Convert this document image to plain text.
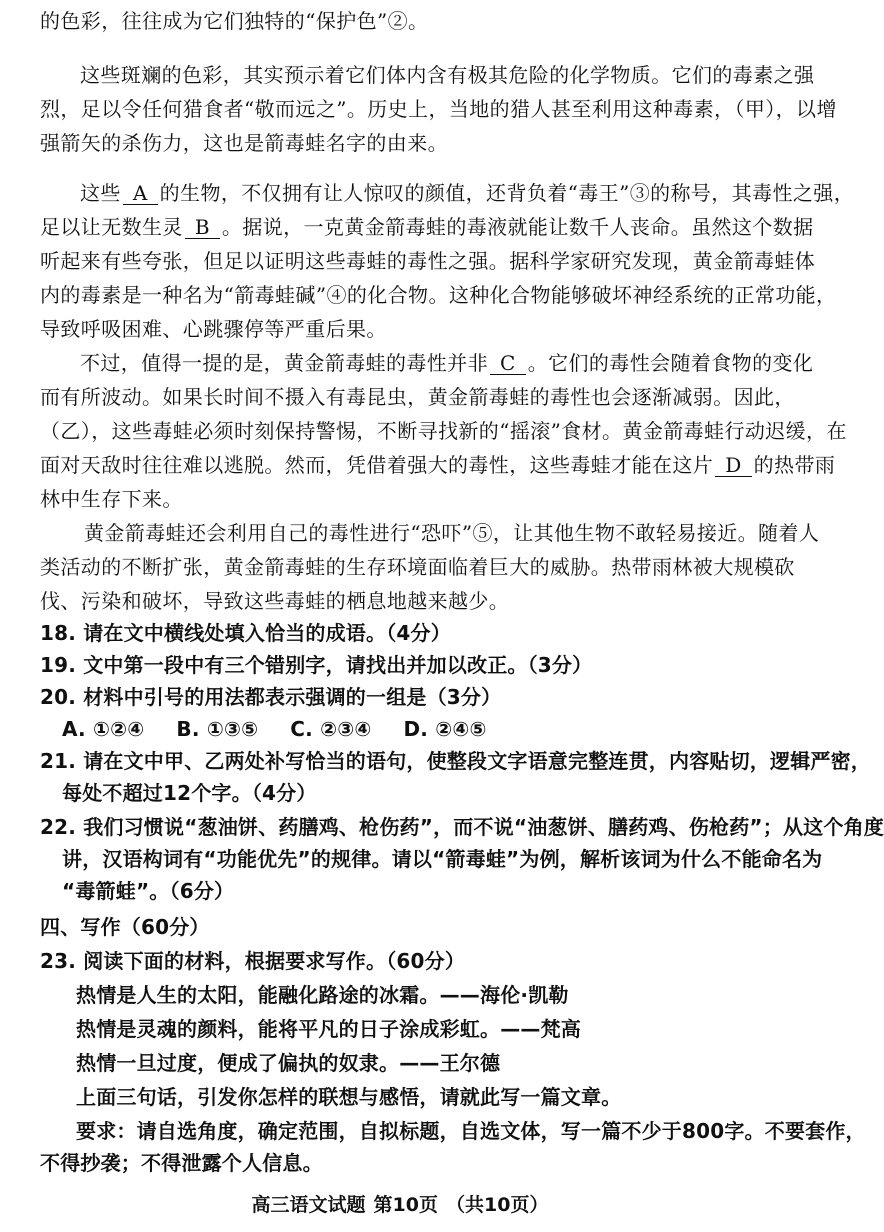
的色彩，往往成为它们独特的“保护色”②。
这些斑斓的色彩，其实预示着它们体内含有极其危险的化学物质。它们的毒素之强
烈，足以令任何猎食者“敬而远之”。历史上，当地的猎人甚至利用这种毒素，（甲），以增
强箭矢的杀伤力，这也是箭毒蛙名字的由来。
这些 A 的生物，不仅拥有让人惊叹的颜值，还背负着“毒王”③的称号，其毒性之强，
足以让无数生灵 B 。据说，一克黄金箭毒蛙的毒液就能让数千人丧命。虽然这个数据
听起来有些夸张，但足以证明这些毒蛙的毒性之强。据科学家研究发现，黄金箭毒蛙体
内的毒素是一种名为“箭毒蛙碱”④的化合物。这种化合物能够破坏神经系统的正常功能，
导致呼吸困难、心跳骤停等严重后果。
不过，值得一提的是，黄金箭毒蛙的毒性并非 C 。它们的毒性会随着食物的变化
而有所波动。如果长时间不摄入有毒昆虫，黄金箭毒蛙的毒性也会逐渐减弱。因此，
（乙），这些毒蛙必须时刻保持警惕，不断寻找新的“摇滚”食材。黄金箭毒蛙行动迟缓，在
面对天敌时往往难以逃脱。然而，凭借着强大的毒性，这些毒蛙才能在这片 D 的热带雨
林中生存下来。
黄金箭毒蛙还会利用自己的毒性进行“恐吓”⑤，让其他生物不敢轻易接近。随着人
类活动的不断扩张，黄金箭毒蛙的生存环境面临着巨大的威胁。热带雨林被大规模砍
伐、污染和破坏，导致这些毒蛙的栖息地越来越少。
18. 请在文中横线处填入恰当的成语。（4分）
19. 文中第一段中有三个错别字，请找出并加以改正。（3分）
20. 材料中引号的用法都表示强调的一组是（3分）
A. ①②④ B. ①③⑤ C. ②③④ D. ②④⑤
21. 请在文中甲、乙两处补写恰当的语句，使整段文字语意完整连贯，内容贴切，逻辑严密，
每处不超过12个字。（4分）
22. 我们习惯说“葱油饼、药膳鸡、枪伤药”，而不说“油葱饼、膳药鸡、伤枪药”；从这个角度
讲，汉语构词有“功能优先”的规律。请以“箭毒蛙”为例，解析该词为什么不能命名为
“毒箭蛙”。（6分）
四、写作（60分）
23. 阅读下面的材料，根据要求写作。（60分）
热情是人生的太阳，能融化路途的冰霜。——海伦·凯勒
热情是灵魂的颜料，能将平凡的日子涂成彩虹。——梵高
热情一旦过度，便成了偏执的奴隶。——王尔德
上面三句话，引发你怎样的联想与感悟，请就此写一篇文章。
要求：请自选角度，确定范围，自拟标题，自选文体，写一篇不少于800字。不要套作，
不得抄袭；不得泄露个人信息。
高三语文试题 第10页 （共10页）
